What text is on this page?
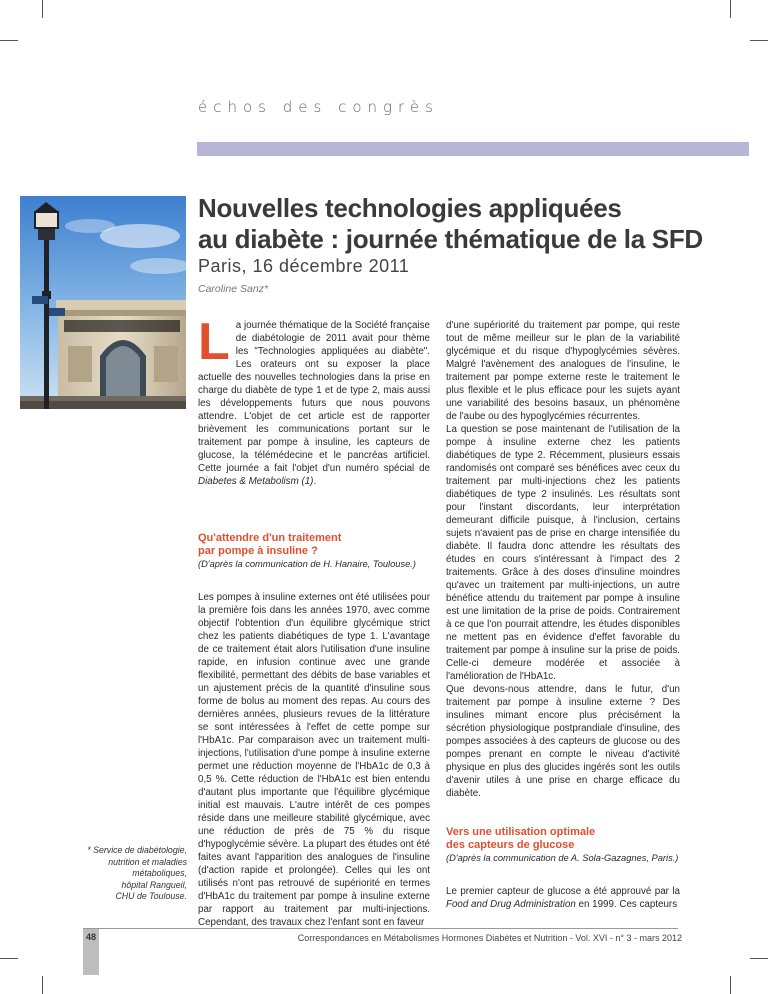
échos des congrès
Nouvelles technologies appliquées
au diabète : journée thématique de la SFD
Paris, 16 décembre 2011
Caroline Sanz*

La journée thématique de la Société française de diabétologie de 2011 avait pour thème les "Technologies appliquées au diabète". Les orateurs ont su exposer la place actuelle des nouvelles technologies dans la prise en charge du diabète de type 1 et de type 2, mais aussi les développements futurs que nous pouvons attendre. L'objet de cet article est de rapporter brièvement les communications portant sur le traitement par pompe à insuline, les capteurs de glucose, la télémédecine et le pancréas artificiel. Cette journée a fait l'objet d'un numéro spécial de Diabetes & Metabolism (1).

Qu'attendre d'un traitement
par pompe à insuline ?

(D'après la communication de H. Hanaire, Toulouse.)

Les pompes à insuline externes ont été utilisées pour la première fois dans les années 1970, avec comme objectif l'obtention d'un équilibre glycémique strict chez les patients diabétiques de type 1. L'avantage de ce traitement était alors l'utilisation d'une insuline rapide, en infusion continue avec une grande flexibilité, permettant des débits de base variables et un ajustement précis de la quantité d'insuline sous forme de bolus au moment des repas. Au cours des dernières années, plusieurs revues de la littérature se sont intéressées à l'effet de cette pompe sur l'HbA1c. Par comparaison avec un traitement multi-injections, l'utilisation d'une pompe à insuline externe permet une réduction moyenne de l'HbA1c de 0,3 à 0,5 %. Cette réduction de l'HbA1c est bien entendu d'autant plus importante que l'équilibre glycémique initial est mauvais. L'autre intérêt de ces pompes réside dans une meilleure stabilité glycémique, avec une réduction de près de 75 % du risque d'hypoglycémie sévère. La plupart des études ont été faites avant l'apparition des analogues de l'insuline (d'action rapide et prolongée). Celles qui les ont utilisés n'ont pas retrouvé de supériorité en termes d'HbA1c du traitement par pompe à insuline externe par rapport au traitement par multi-injections. Cependant, des travaux chez l'enfant sont en faveur

d'une supériorité du traitement par pompe, qui reste tout de même meilleur sur le plan de la variabilité glycémique et du risque d'hypoglycémies sévères. Malgré l'avènement des analogues de l'insuline, le traitement par pompe externe reste le traitement le plus flexible et le plus efficace pour les sujets ayant une variabilité des besoins basaux, un phénomène de l'aube ou des hypoglycémies récurrentes.

La question se pose maintenant de l'utilisation de la pompe à insuline externe chez les patients diabétiques de type 2. Récemment, plusieurs essais randomisés ont comparé ses bénéfices avec ceux du traitement par multi-injections chez les patients diabétiques de type 2 insulinés. Les résultats sont pour l'instant discordants, leur interprétation demeurant difficile puisque, à l'inclusion, certains sujets n'avaient pas de prise en charge intensifiée du diabète. Il faudra donc attendre les résultats des études en cours s'intéressant à l'impact des 2 traitements. Grâce à des doses d'insuline moindres qu'avec un traitement par multi-injections, un autre bénéfice attendu du traitement par pompe à insuline est une limitation de la prise de poids. Contrairement à ce que l'on pourrait attendre, les études disponibles ne mettent pas en évidence d'effet favorable du traitement par pompe à insuline sur la prise de poids. Celle-ci demeure modérée et associée à l'amélioration de l'HbA1c.

Que devons-nous attendre, dans le futur, d'un traitement par pompe à insuline externe ? Des insulines mimant encore plus précisément la sécrétion physiologique postprandiale d'insuline, des pompes associées à des capteurs de glucose ou des pompes prenant en compte le niveau d'activité physique en plus des glucides ingérés sont les outils d'avenir utiles à une prise en charge efficace du diabète.

Vers une utilisation optimale
des capteurs de glucose

(D'après la communication de A. Sola-Gazagnes, Paris.)

Le premier capteur de glucose a été approuvé par la Food and Drug Administration en 1999. Ces capteurs

* Service de diabétologie,
nutrition et maladies
métaboliques,
hôpital Rangueil,
CHU de Toulouse.
48	Correspondances en Métabolismes Hormones Diabètes et Nutrition - Vol. XVI - n° 3 - mars 2012
